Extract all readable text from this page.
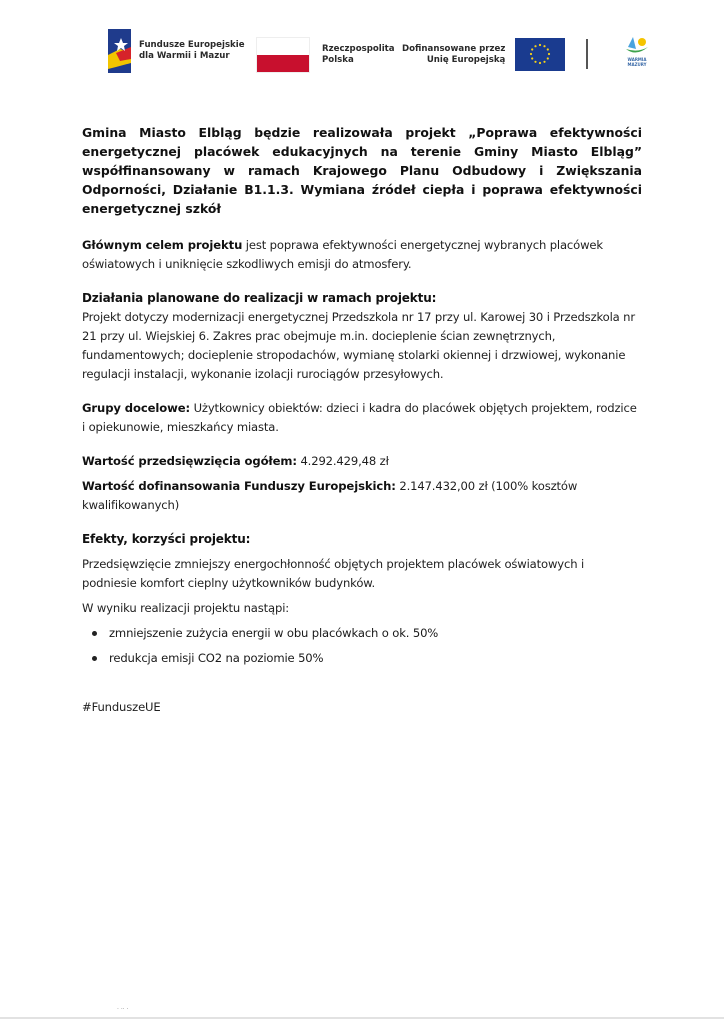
Fundusze Europejskie
dla Warmii i Mazur
Rzeczpospolita
Polska
Dofinansowane przez
Unię Europejską	WARMIA
MAZURY
Gmina Miasto Elbląg będzie realizowała projekt „Poprawa efektywności energetycznej placówek edukacyjnych na terenie Gminy Miasto Elbląg” współfinansowany w ramach Krajowego Planu Odbudowy i Zwiększania Odporności, Działanie B1.1.3. Wymiana źródeł ciepła i poprawa efektywności energetycznej szkół

Głównym celem projektu jest poprawa efektywności energetycznej wybranych placówek oświatowych i uniknięcie szkodliwych emisji do atmosfery.

Działania planowane do realizacji w ramach projektu:

Projekt dotyczy modernizacji energetycznej Przedszkola nr 17 przy ul. Karowej 30 i Przedszkola nr 21 przy ul. Wiejskiej 6. Zakres prac obejmuje m.in. docieplenie ścian zewnętrznych, fundamentowych; docieplenie stropodachów, wymianę stolarki okiennej i drzwiowej, wykonanie regulacji instalacji, wykonanie izolacji rurociągów przesyłowych.

Grupy docelowe: Użytkownicy obiektów: dzieci i kadra do placówek objętych projektem, rodzice i opiekunowie, mieszkańcy miasta.

Wartość przedsięwzięcia ogółem: 4.292.429,48 zł

Wartość dofinansowania Funduszy Europejskich: 2.147.432,00 zł (100% kosztów kwalifikowanych)

Efekty, korzyści projektu:

Przedsięwzięcie zmniejszy energochłonność objętych projektem placówek oświatowych i podniesie komfort cieplny użytkowników budynków.

W wyniku realizacji projektu nastąpi:

zmniejszenie zużycia energii w obu placówkach o ok. 50%
redukcja emisji CO2 na poziomie 50%

#FunduszeUE

· ·· ·
